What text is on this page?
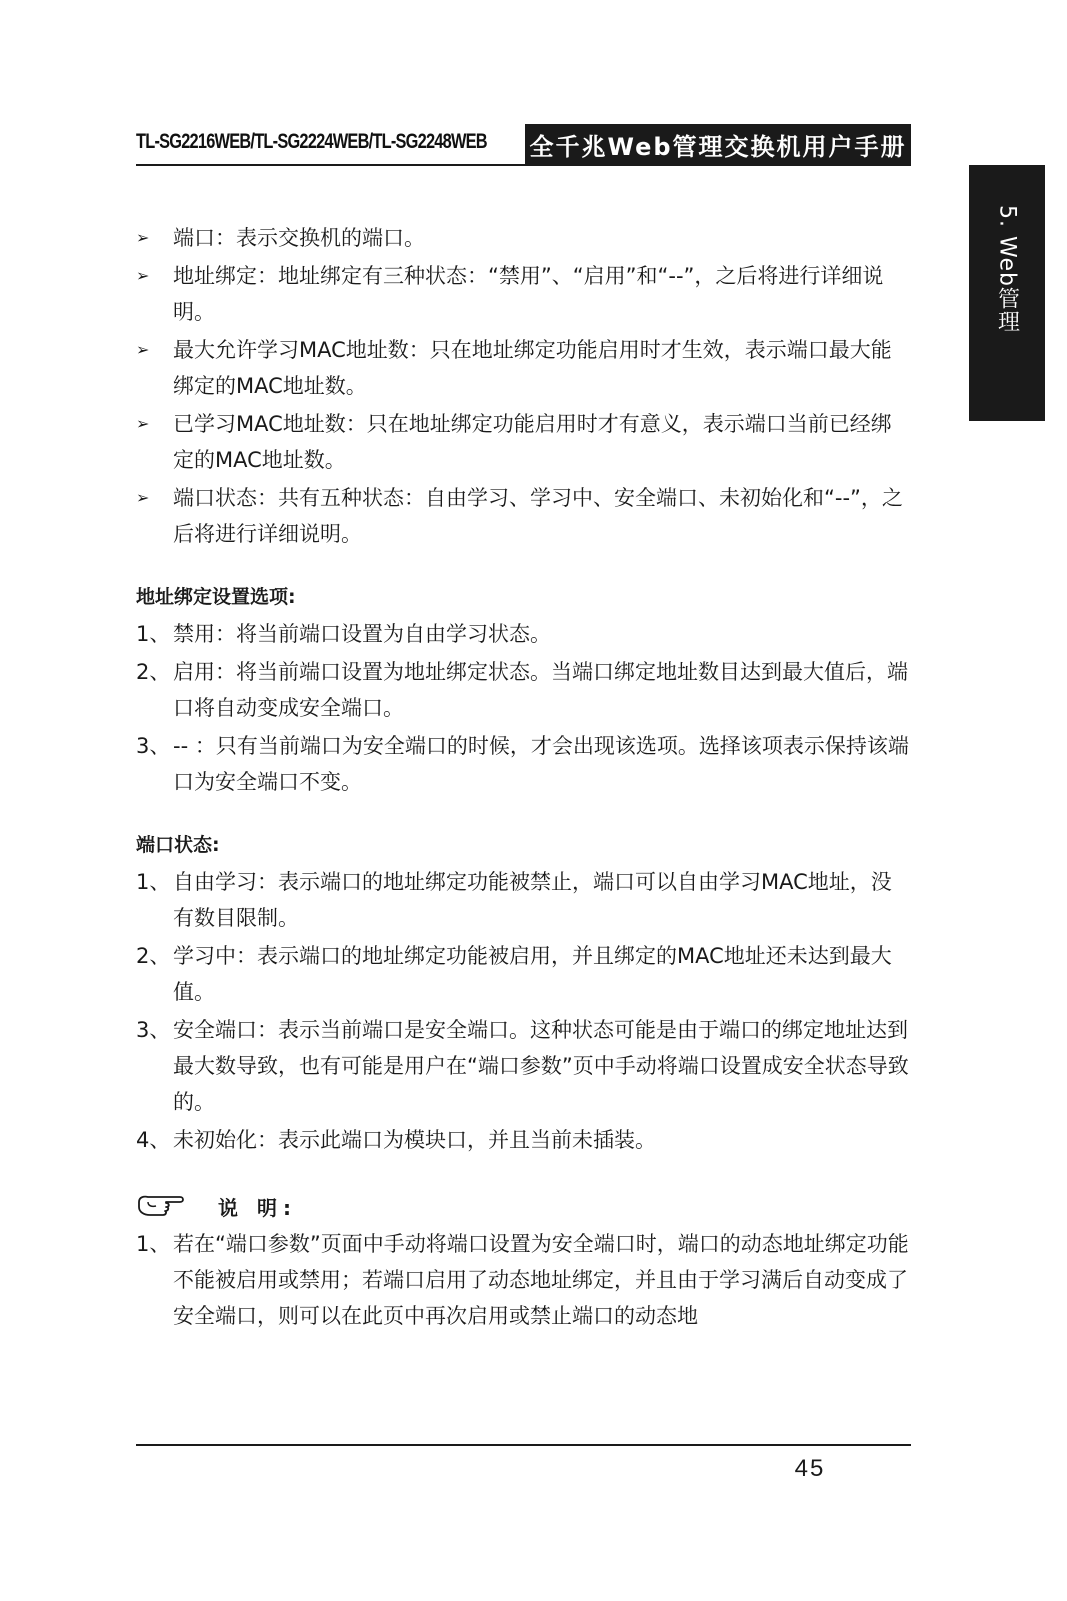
TL-SG2216WEB/TL-SG2224WEB/TL-SG2248WEB 全千兆Web管理交换机用户手册
5. Web管理
➢ 端口：表示交换机的端口。
➢ 地址绑定：地址绑定有三种状态：“禁用”、“启用”和“--”，之后将进行详细说明。
➢ 最大允许学习MAC地址数：只在地址绑定功能启用时才生效，表示端口最大能绑定的MAC地址数。
➢ 已学习MAC地址数：只在地址绑定功能启用时才有意义，表示端口当前已经绑定的MAC地址数。
➢ 端口状态：共有五种状态：自由学习、学习中、安全端口、未初始化和“--”，之后将进行详细说明。
地址绑定设置选项:
1、 禁用：将当前端口设置为自由学习状态。
2、 启用：将当前端口设置为地址绑定状态。当端口绑定地址数目达到最大值后，端口将自动变成安全端口。
3、 -- ：只有当前端口为安全端口的时候，才会出现该选项。选择该项表示保持该端口为安全端口不变。
端口状态:
1、 自由学习：表示端口的地址绑定功能被禁止，端口可以自由学习MAC地址，没有数目限制。
2、 学习中：表示端口的地址绑定功能被启用，并且绑定的MAC地址还未达到最大值。
3、 安全端口：表示当前端口是安全端口。这种状态可能是由于端口的绑定地址达到最大数导致，也有可能是用户在“端口参数”页中手动将端口设置成安全状态导致的。
4、 未初始化：表示此端口为模块口，并且当前未插装。
说 明:
1、 若在“端口参数”页面中手动将端口设置为安全端口时，端口的动态地址绑定功能不能被启用或禁用；若端口启用了动态地址绑定，并且由于学习满后自动变成了安全端口，则可以在此页中再次启用或禁止端口的动态地
45
